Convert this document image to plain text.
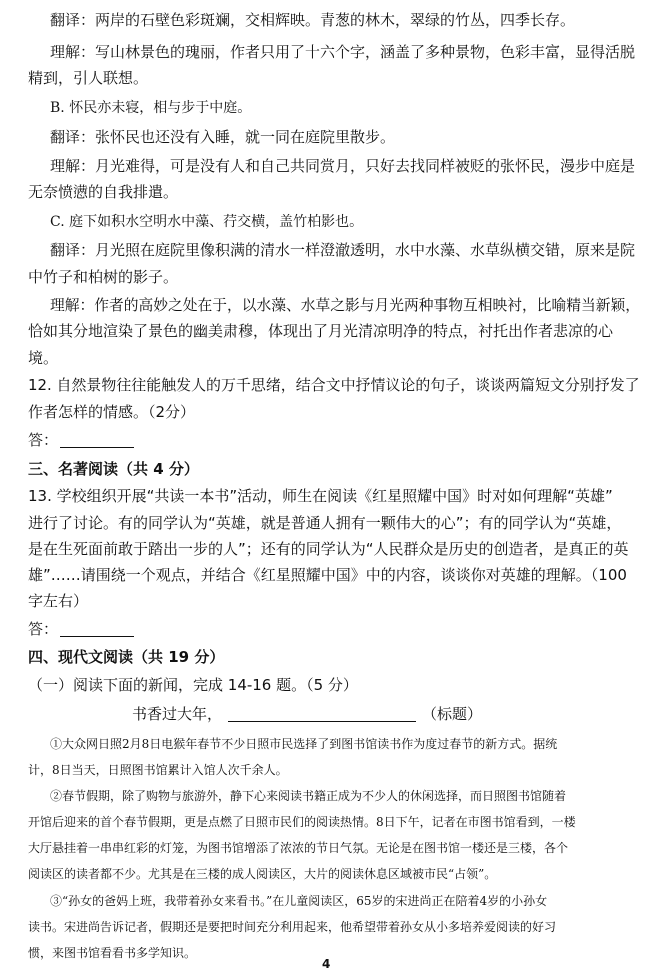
翻译：两岸的石壁色彩斑斓，交相辉映。青葱的林木，翠绿的竹丛，四季长存。
理解：写山林景色的瑰丽，作者只用了十六个字，涵盖了多种景物，色彩丰富，显得活脱
精到，引人联想。
B. 怀民亦未寝，相与步于中庭。
翻译：张怀民也还没有入睡，就一同在庭院里散步。
理解：月光难得，可是没有人和自己共同赏月，只好去找同样被贬的张怀民，漫步中庭是
无奈愤懑的自我排遣。
C. 庭下如积水空明水中藻、荇交横，盖竹柏影也。
翻译：月光照在庭院里像积满的清水一样澄澈透明，水中水藻、水草纵横交错，原来是院
中竹子和柏树的影子。
理解：作者的高妙之处在于，以水藻、水草之影与月光两种事物互相映衬，比喻精当新颖，
恰如其分地渲染了景色的幽美肃穆，体现出了月光清凉明净的特点，衬托出作者悲凉的心
境。
12. 自然景物往往能触发人的万千思绪，结合文中抒情议论的句子，谈谈两篇短文分别抒发了
作者怎样的情感。（2分）
答：
三、名著阅读（共 4 分）
13. 学校组织开展“共读一本书”活动，师生在阅读《红星照耀中国》时对如何理解“英雄”
进行了讨论。有的同学认为“英雄，就是普通人拥有一颗伟大的心”；有的同学认为“英雄，
是在生死面前敢于踏出一步的人”；还有的同学认为“人民群众是历史的创造者，是真正的英
雄”……请围绕一个观点，并结合《红星照耀中国》中的内容，谈谈你对英雄的理解。（100
字左右）
答：
四、现代文阅读（共 19 分）
（一）阅读下面的新闻，完成 14-16 题。（5 分）
书香过大年，	（标题）
①大众网日照2月8日电猴年春节不少日照市民选择了到图书馆读书作为度过春节的新方式。据统
计，8日当天，日照图书馆累计入馆人次千余人。
②春节假期，除了购物与旅游外，静下心来阅读书籍正成为不少人的休闲选择，而日照图书馆随着
开馆后迎来的首个春节假期，更是点燃了日照市民们的阅读热情。8日下午，记者在市图书馆看到，一楼
大厅悬挂着一串串红彩的灯笼，为图书馆增添了浓浓的节日气氛。无论是在图书馆一楼还是三楼，各个
阅读区的读者都不少。尤其是在三楼的成人阅读区，大片的阅读休息区域被市民“占领”。
③“孙女的爸妈上班，我带着孙女来看书。”在儿童阅读区，65岁的宋进尚正在陪着4岁的小孙女
读书。宋进尚告诉记者，假期还是要把时间充分利用起来，他希望带着孙女从小多培养爱阅读的好习
惯，来图书馆看看书多学知识。
4
